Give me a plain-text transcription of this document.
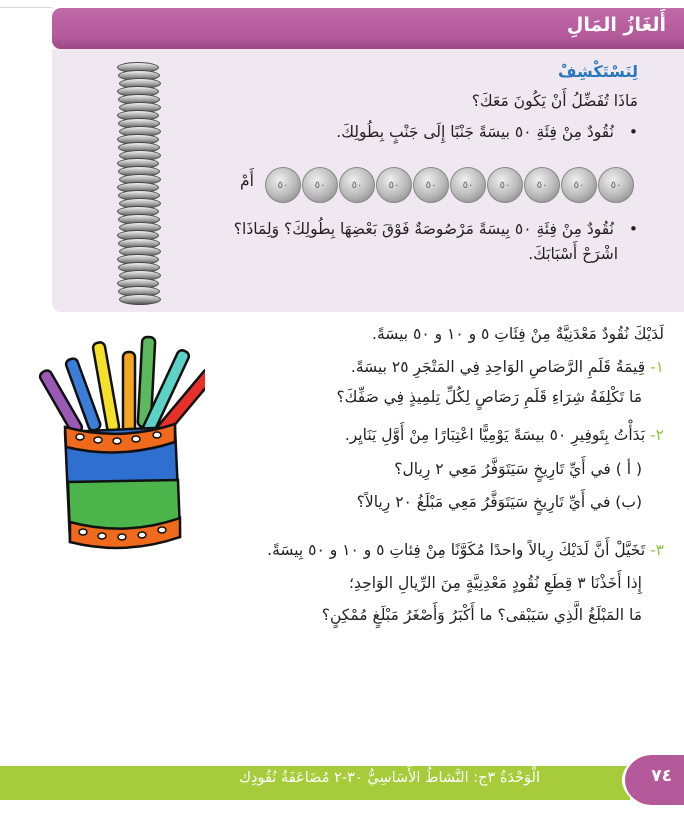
أَلغَازُ المَالِ
لِنَسْتَكْشِفْ
مَاذَا تُفَضِّلُ أَنْ يَكُونَ مَعَكَ؟
• نُقُودٌ مِنْ فِئَةِ ٥٠ بيسَةً جَنْبًا إِلَى جَنْبٍ بِطُولِكَ.
أَمْ	٥٠	٥٠	٥٠	٥٠	٥٠	٥٠	٥٠	٥٠	٥٠	٥٠
• نُقُودٌ مِنْ فِئَةِ ٥٠ بِيسَةً مَرْصُوصَةٌ فَوْقَ بَعْضِهَا بِطُولِكَ؟ وَلِمَاذَا؟
اشْرَحْ أَسْبَابَكَ.
لَدَيْكَ نُقُودٌ مَعْدَنِيَّةٌ مِنْ فِئَاتِ ٥ و ١٠ و ٥٠ بيسَةً.
١- قِيمَةُ قَلَمِ الرَّصَاصِ الوَاحِدِ فِي المَتْجَرِ ٢٥ بيسَةً.
مَا تَكْلِفَةُ شِرَاءِ قَلَمِ رَصَاصٍ لِكُلِّ تِلمِيذٍ فِي صَفِّكَ؟
٢- بَدَأْتُ بِتَوفِيرِ ٥٠ بيسَةً يَوْمِيًّا اعْتِبَارًا مِنْ أَوَّلِ يَنَايِر.
( أ ) في أَيِّ تَارِيخٍ سَيَتَوَفَّرُ مَعِي ٢ رِيال؟
(ب) في أَيِّ تَارِيخٍ سَيَتَوَفَّرُ مَعِي مَبْلَغُ ٢٠ رِيالاً؟
٣- تَخَيَّلْ أَنَّ لَدَيْكَ رِيالاً واحدًا مُكَوَّنًا مِنْ فِئاتِ ٥ و ١٠ و ٥٠ بِيسَةً.
إِذا أَخَذْنَا ٣ قِطَعِ نُقُودٍ مَعْدِنِيَّةٍ مِنَ الرِّيالِ الوَاحِدِ؛
مَا المَبْلَغُ الَّذِي سَيَبْقى؟ ما أَكْبَرُ وَأَصْغَرُ مَبْلَغٍ مُمْكِنٍ؟
الْوَحْدَةُ ٣ج: النَّشاطُ الأَسَاسِيُّ ٣٠-٢ مُضَاعَفَةُ نُقُودِك	٧٤
